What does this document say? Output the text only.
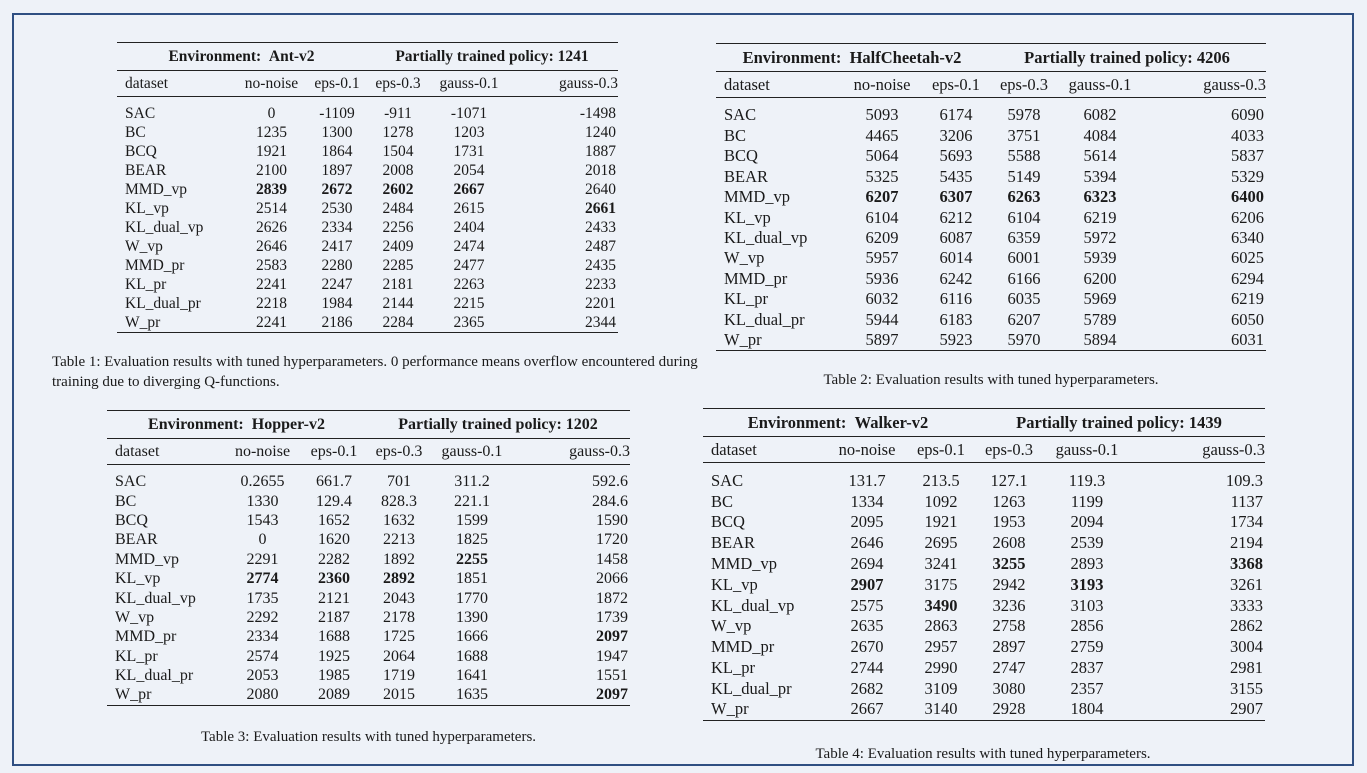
Environment: Ant-v2			Partially trained policy: 1241		
dataset	no-noise	eps-0.1	eps-0.3	gauss-0.1	gauss-0.3
SAC	0	-1109	-911	-1071	-1498
BC	1235	1300	1278	1203	1240
BCQ	1921	1864	1504	1731	1887
BEAR	2100	1897	2008	2054	2018
MMD_vp	2839	2672	2602	2667	2640
KL_vp	2514	2530	2484	2615	2661
KL_dual_vp	2626	2334	2256	2404	2433
W_vp	2646	2417	2409	2474	2487
MMD_pr	2583	2280	2285	2477	2435
KL_pr	2241	2247	2181	2263	2233
KL_dual_pr	2218	1984	2144	2215	2201
W_pr	2241	2186	2284	2365	2344
Table 1: Evaluation results with tuned hyperparameters. 0 performance means overflow encountered during training due to diverging Q-functions.
Environment: HalfCheetah-v2			Partially trained policy: 4206		
dataset	no-noise	eps-0.1	eps-0.3	gauss-0.1	gauss-0.3
SAC	5093	6174	5978	6082	6090
BC	4465	3206	3751	4084	4033
BCQ	5064	5693	5588	5614	5837
BEAR	5325	5435	5149	5394	5329
MMD_vp	6207	6307	6263	6323	6400
KL_vp	6104	6212	6104	6219	6206
KL_dual_vp	6209	6087	6359	5972	6340
W_vp	5957	6014	6001	5939	6025
MMD_pr	5936	6242	6166	6200	6294
KL_pr	6032	6116	6035	5969	6219
KL_dual_pr	5944	6183	6207	5789	6050
W_pr	5897	5923	5970	5894	6031
Table 2: Evaluation results with tuned hyperparameters.
Environment: Hopper-v2			Partially trained policy: 1202		
dataset	no-noise	eps-0.1	eps-0.3	gauss-0.1	gauss-0.3
SAC	0.2655	661.7	701	311.2	592.6
BC	1330	129.4	828.3	221.1	284.6
BCQ	1543	1652	1632	1599	1590
BEAR	0	1620	2213	1825	1720
MMD_vp	2291	2282	1892	2255	1458
KL_vp	2774	2360	2892	1851	2066
KL_dual_vp	1735	2121	2043	1770	1872
W_vp	2292	2187	2178	1390	1739
MMD_pr	2334	1688	1725	1666	2097
KL_pr	2574	1925	2064	1688	1947
KL_dual_pr	2053	1985	1719	1641	1551
W_pr	2080	2089	2015	1635	2097
Table 3: Evaluation results with tuned hyperparameters.
Environment: Walker-v2			Partially trained policy: 1439		
dataset	no-noise	eps-0.1	eps-0.3	gauss-0.1	gauss-0.3
SAC	131.7	213.5	127.1	119.3	109.3
BC	1334	1092	1263	1199	1137
BCQ	2095	1921	1953	2094	1734
BEAR	2646	2695	2608	2539	2194
MMD_vp	2694	3241	3255	2893	3368
KL_vp	2907	3175	2942	3193	3261
KL_dual_vp	2575	3490	3236	3103	3333
W_vp	2635	2863	2758	2856	2862
MMD_pr	2670	2957	2897	2759	3004
KL_pr	2744	2990	2747	2837	2981
KL_dual_pr	2682	3109	3080	2357	3155
W_pr	2667	3140	2928	1804	2907
Table 4: Evaluation results with tuned hyperparameters.
